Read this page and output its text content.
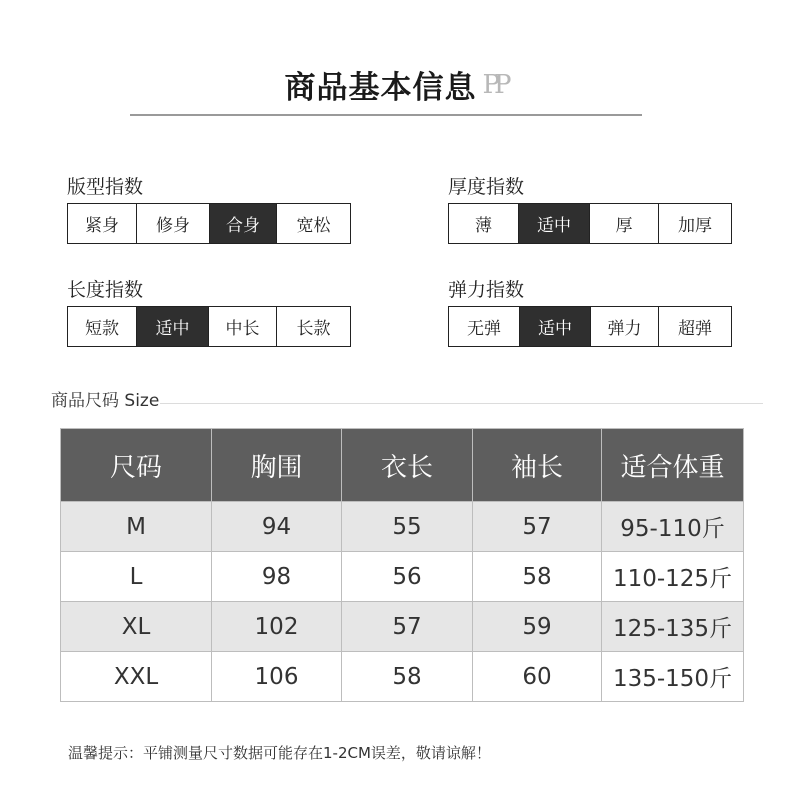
商品基本信息 PP
版型指数
紧身	修身	合身	宽松
厚度指数
薄	适中	厚	加厚
长度指数
短款	适中	中长	长款
弹力指数
无弹	适中	弹力	超弹
商品尺码 Size
尺码	胸围	衣长	袖长	适合体重
M	94	55	57	95-110斤
L	98	56	58	110-125斤
XL	102	57	59	125-135斤
XXL	106	58	60	135-150斤
温馨提示：平铺测量尺寸数据可能存在1-2CM误差，敬请谅解！
